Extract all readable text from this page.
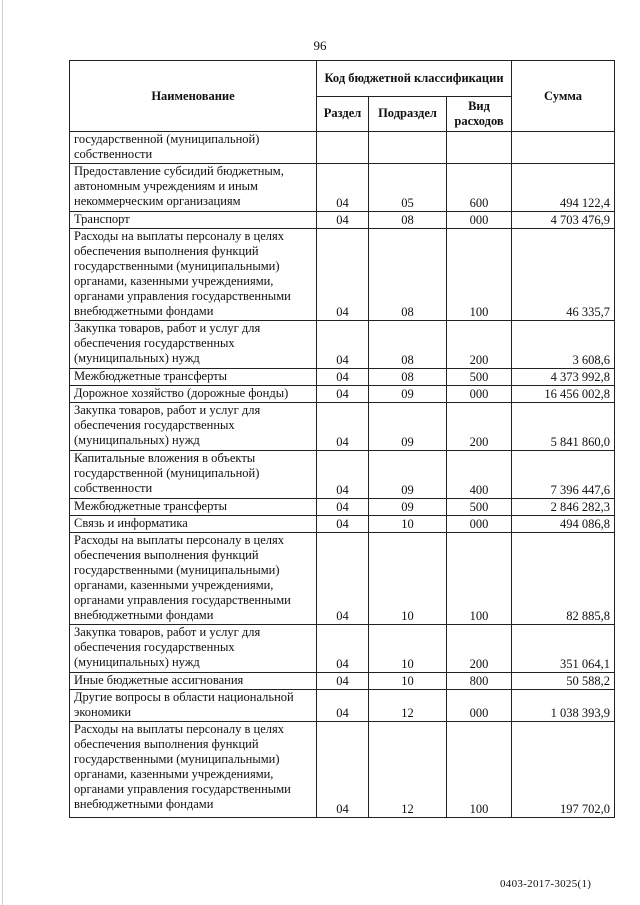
96
Наименование	Код бюджетной классификации			Сумма
	Раздел	Подраздел	Вид расходов	
государственной (муниципальной) собственности				
Предоставление субсидий бюджетным, автономным учреждениям и иным некоммерческим организациям	04	05	600	494 122,4
Транспорт	04	08	000	4 703 476,9
Расходы на выплаты персоналу в целях обеспечения выполнения функций государственными (муниципальными) органами, казенными учреждениями, органами управления государственными внебюджетными фондами	04	08	100	46 335,7
Закупка товаров, работ и услуг для обеспечения государственных (муниципальных) нужд	04	08	200	3 608,6
Межбюджетные трансферты	04	08	500	4 373 992,8
Дорожное хозяйство (дорожные фонды)	04	09	000	16 456 002,8
Закупка товаров, работ и услуг для обеспечения государственных (муниципальных) нужд	04	09	200	5 841 860,0
Капитальные вложения в объекты государственной (муниципальной) собственности	04	09	400	7 396 447,6
Межбюджетные трансферты	04	09	500	2 846 282,3
Связь и информатика	04	10	000	494 086,8
Расходы на выплаты персоналу в целях обеспечения выполнения функций государственными (муниципальными) органами, казенными учреждениями, органами управления государственными внебюджетными фондами	04	10	100	82 885,8
Закупка товаров, работ и услуг для обеспечения государственных (муниципальных) нужд	04	10	200	351 064,1
Иные бюджетные ассигнования	04	10	800	50 588,2
Другие вопросы в области национальной экономики	04	12	000	1 038 393,9
Расходы на выплаты персоналу в целях обеспечения выполнения функций государственными (муниципальными) органами, казенными учреждениями, органами управления государственными внебюджетными фондами	04	12	100	197 702,0
0403-2017-3025(1)
